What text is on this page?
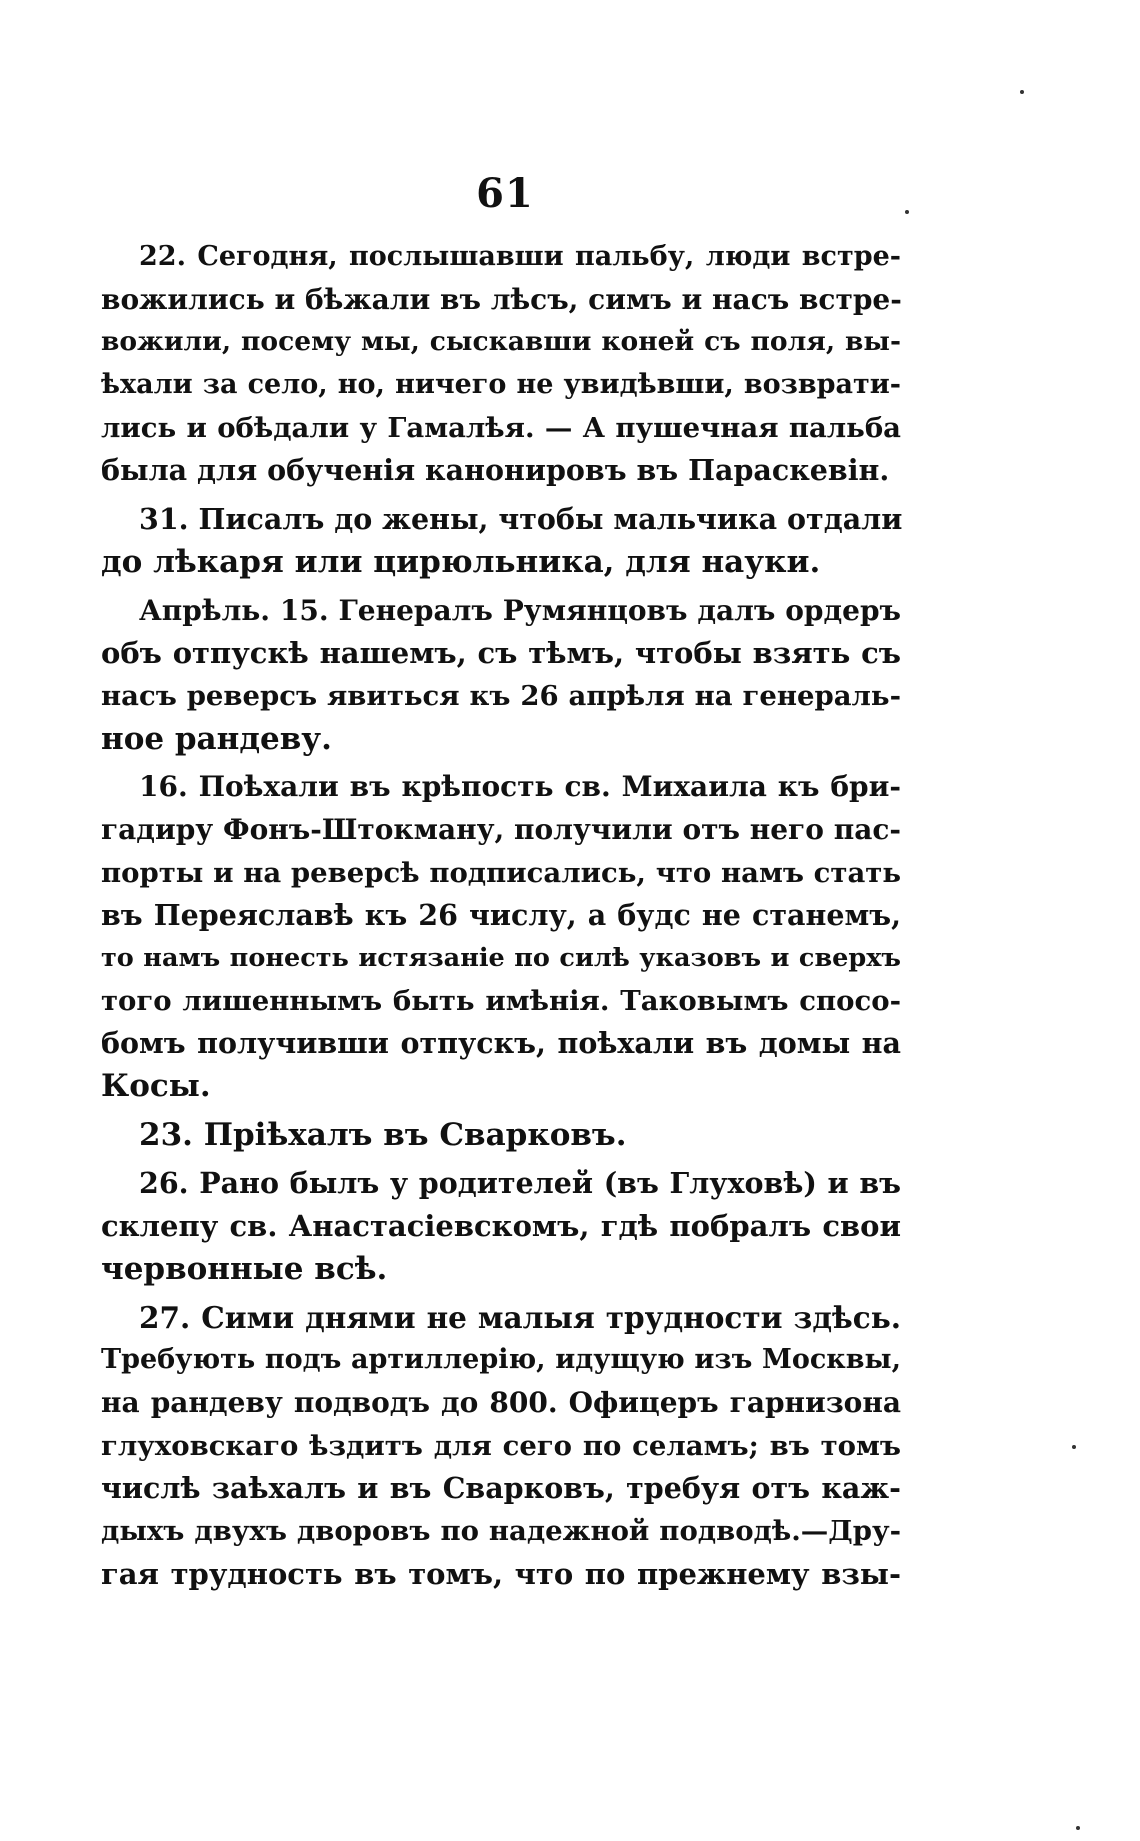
61
22. Сегодня, послышавши пальбу, люди встре-
вожились и бѣжали въ лѣсъ, симъ и насъ встре-
вожили, посему мы, сыскавши коней съ поля, вы-
ѣхали за село, но, ничего не увидѣвши, возврати-
лись и обѣдали у Гамалѣя. — А пушечная пальба
была для обученія канонировъ въ Параскевін.
31. Писалъ до жены, чтобы мальчика отдали
до лѣкаря или цирюльника, для науки.
Апрѣль. 15. Генералъ Румянцовъ далъ ордеръ
объ отпускѣ нашемъ, съ тѣмъ, чтобы взять съ
насъ реверсъ явиться къ 26 апрѣля на генераль-
ное рандеву.
16. Поѣхали въ крѣпость св. Михаила къ бри-
гадиру Фонъ-Штокману, получили отъ него пас-
порты и на реверсѣ подписались, что намъ стать
въ Переяславѣ къ 26 числу, а будс не станемъ,
то намъ понесть истязаніе по силѣ указовъ и сверхъ
того лишеннымъ быть имѣнія. Таковымъ спосо-
бомъ получивши отпускъ, поѣхали въ домы на
Косы.
23. Пріѣхалъ въ Сварковъ.
26. Рано былъ у родителей (въ Глуховѣ) и въ
склепу св. Анастасіевскомъ, гдѣ побралъ свои
червонные всѣ.
27. Сими днями не малыя трудности здѣсь.
Требують подъ артиллерію, идущую изъ Москвы,
на рандеву подводъ до 800. Офицеръ гарнизона
глуховскаго ѣздитъ для сего по селамъ; въ томъ
числѣ заѣхалъ и въ Сварковъ, требуя отъ каж-
дыхъ двухъ дворовъ по надежной подводѣ.—Дру-
гая трудность въ томъ, что по прежнему взы-
